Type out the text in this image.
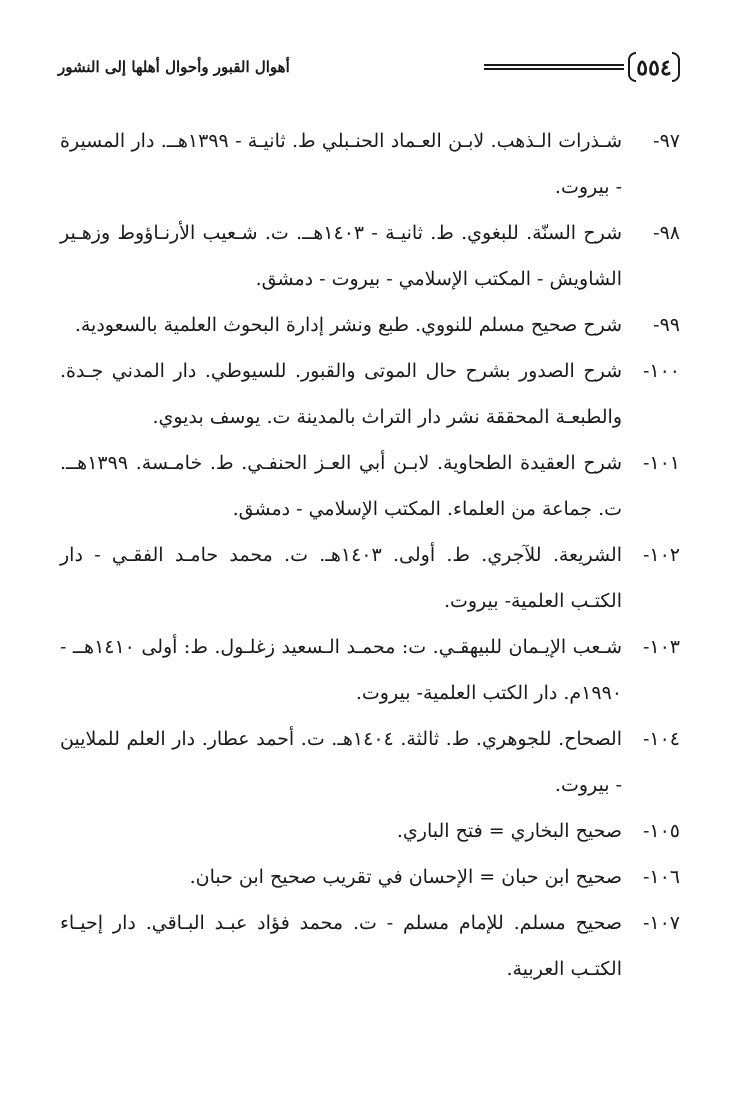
٥٥٤
أهوال القبور وأحوال أهلها إلى النشور
٩٧-
شـذرات الـذهب. لابـن العـماد الحنـبلي ط. ثانيـة - ١٣٩٩هــ. دار المسيرة - بيروت.
٩٨-
شرح السنّة. للبغوي. ط. ثانيـة - ١٤٠٣هــ. ت. شـعيب الأرنـاؤوط وزهـير الشاويش - المكتب الإسلامي - بيروت - دمشق.
٩٩-
شرح صحيح مسلم للنووي. طبع ونشر إدارة البحوث العلمية بالسعودية.
١٠٠-
شرح الصدور بشرح حال الموتى والقبور. للسيوطي. دار المدني جـدة. والطبعـة المحققة نشر دار التراث بالمدينة ت. يوسف بديوي.
١٠١-
شرح العقيدة الطحاوية. لابـن أبي العـز الحنفـي. ط. خامـسة. ١٣٩٩هــ. ت. جماعة من العلماء. المكتب الإسلامي - دمشق.
١٠٢-
الشريعة. للآجري. ط. أولى. ١٤٠٣هـ. ت. محمد حامـد الفقـي - دار الكتـب العلمية- بيروت.
١٠٣-
شـعب الإيـمان للبيهقـي. ت: محمـد الـسعيد زغلـول. ط: أولى ١٤١٠هــ - ١٩٩٠م. دار الكتب العلمية- بيروت.
١٠٤-
الصحاح. للجوهري. ط. ثالثة. ١٤٠٤هـ. ت. أحمد عطار. دار العلم للملايين - بيروت.
١٠٥-
صحيح البخاري = فتح الباري.
١٠٦-
صحيح ابن حبان = الإحسان في تقريب صحيح ابن حبان.
١٠٧-
صحيح مسلم. للإمام مسلم - ت. محمد فؤاد عبـد البـاقي. دار إحيـاء الكتـب العربية.
